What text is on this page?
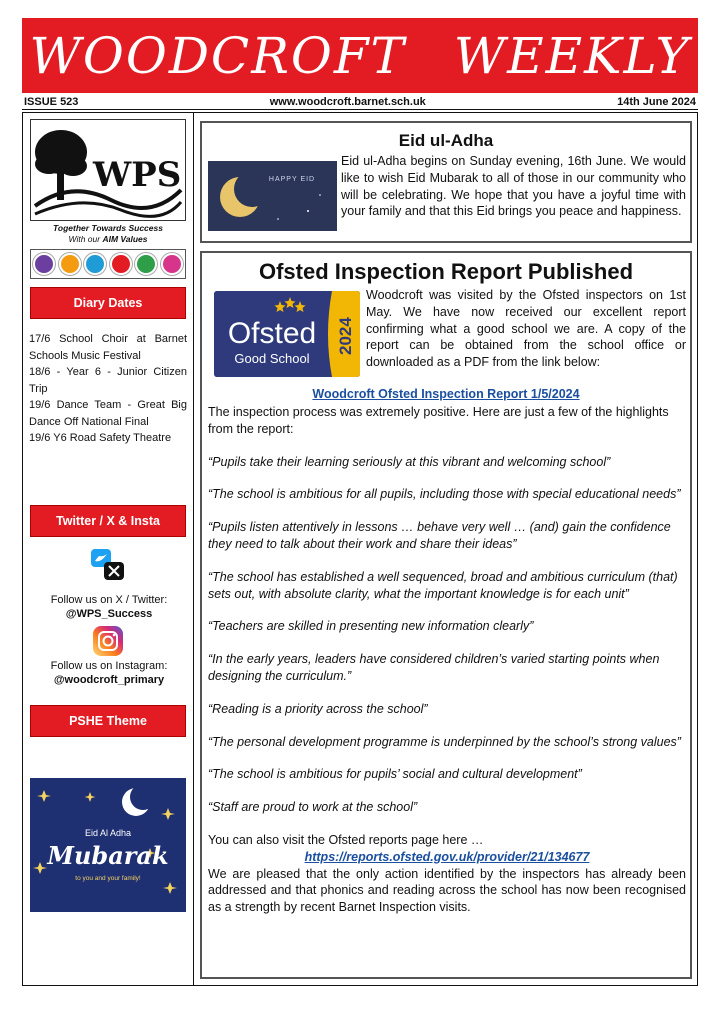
WOODCROFT WEEKLY
ISSUE 523	www.woodcroft.barnet.sch.uk	14th June 2024
WPS
Together Towards Success
With our AIM Values
Diary Dates
17/6 School Choir at Barnet Schools Music Festival
18/6 - Year 6 - Junior Citizen Trip
19/6 Dance Team - Great Big Dance Off National Final
19/6 Y6 Road Safety Theatre
Twitter / X & Insta
Follow us on X / Twitter:
@WPS_Success
Follow us on Instagram:
@woodcroft_primary
PSHE Theme
Eid Al Adha
Mubarak
to you and your family!
Eid ul-Adha
HAPPY EID
Eid ul-Adha begins on Sunday evening, 16th June. We would like to wish Eid Mubarak to all of those in our community who will be celebrating. We hope that you have a joyful time with your family and that this Eid brings you peace and happiness.
Ofsted Inspection Report Published
Ofsted
Good School
2024
Woodcroft was visited by the Ofsted inspectors on 1st May. We have now received our excellent report confirming what a good school we are. A copy of the report can be obtained from the school office or downloaded as a PDF from the link below:
Woodcroft Ofsted Inspection Report 1/5/2024

The inspection process was extremely positive. Here are just a few of the highlights from the report:

“Pupils take their learning seriously at this vibrant and welcoming school”

“The school is ambitious for all pupils, including those with special educational needs”

“Pupils listen attentively in lessons … behave very well … (and) gain the confidence they need to talk about their work and share their ideas”

“The school has established a well sequenced, broad and ambitious curriculum (that) sets out, with absolute clarity, what the important knowledge is for each unit”

“Teachers are skilled in presenting new information clearly”

“In the early years, leaders have considered children’s varied starting points when designing the curriculum.”

“Reading is a priority across the school”

“The personal development programme is underpinned by the school’s strong values”

“The school is ambitious for pupils’ social and cultural development”

“Staff are proud to work at the school”

You can also visit the Ofsted reports page here …

https://reports.ofsted.gov.uk/provider/21/134677

We are pleased that the only action identified by the inspectors has already been addressed and that phonics and reading across the school has now been recognised as a strength by recent Barnet Inspection visits.
